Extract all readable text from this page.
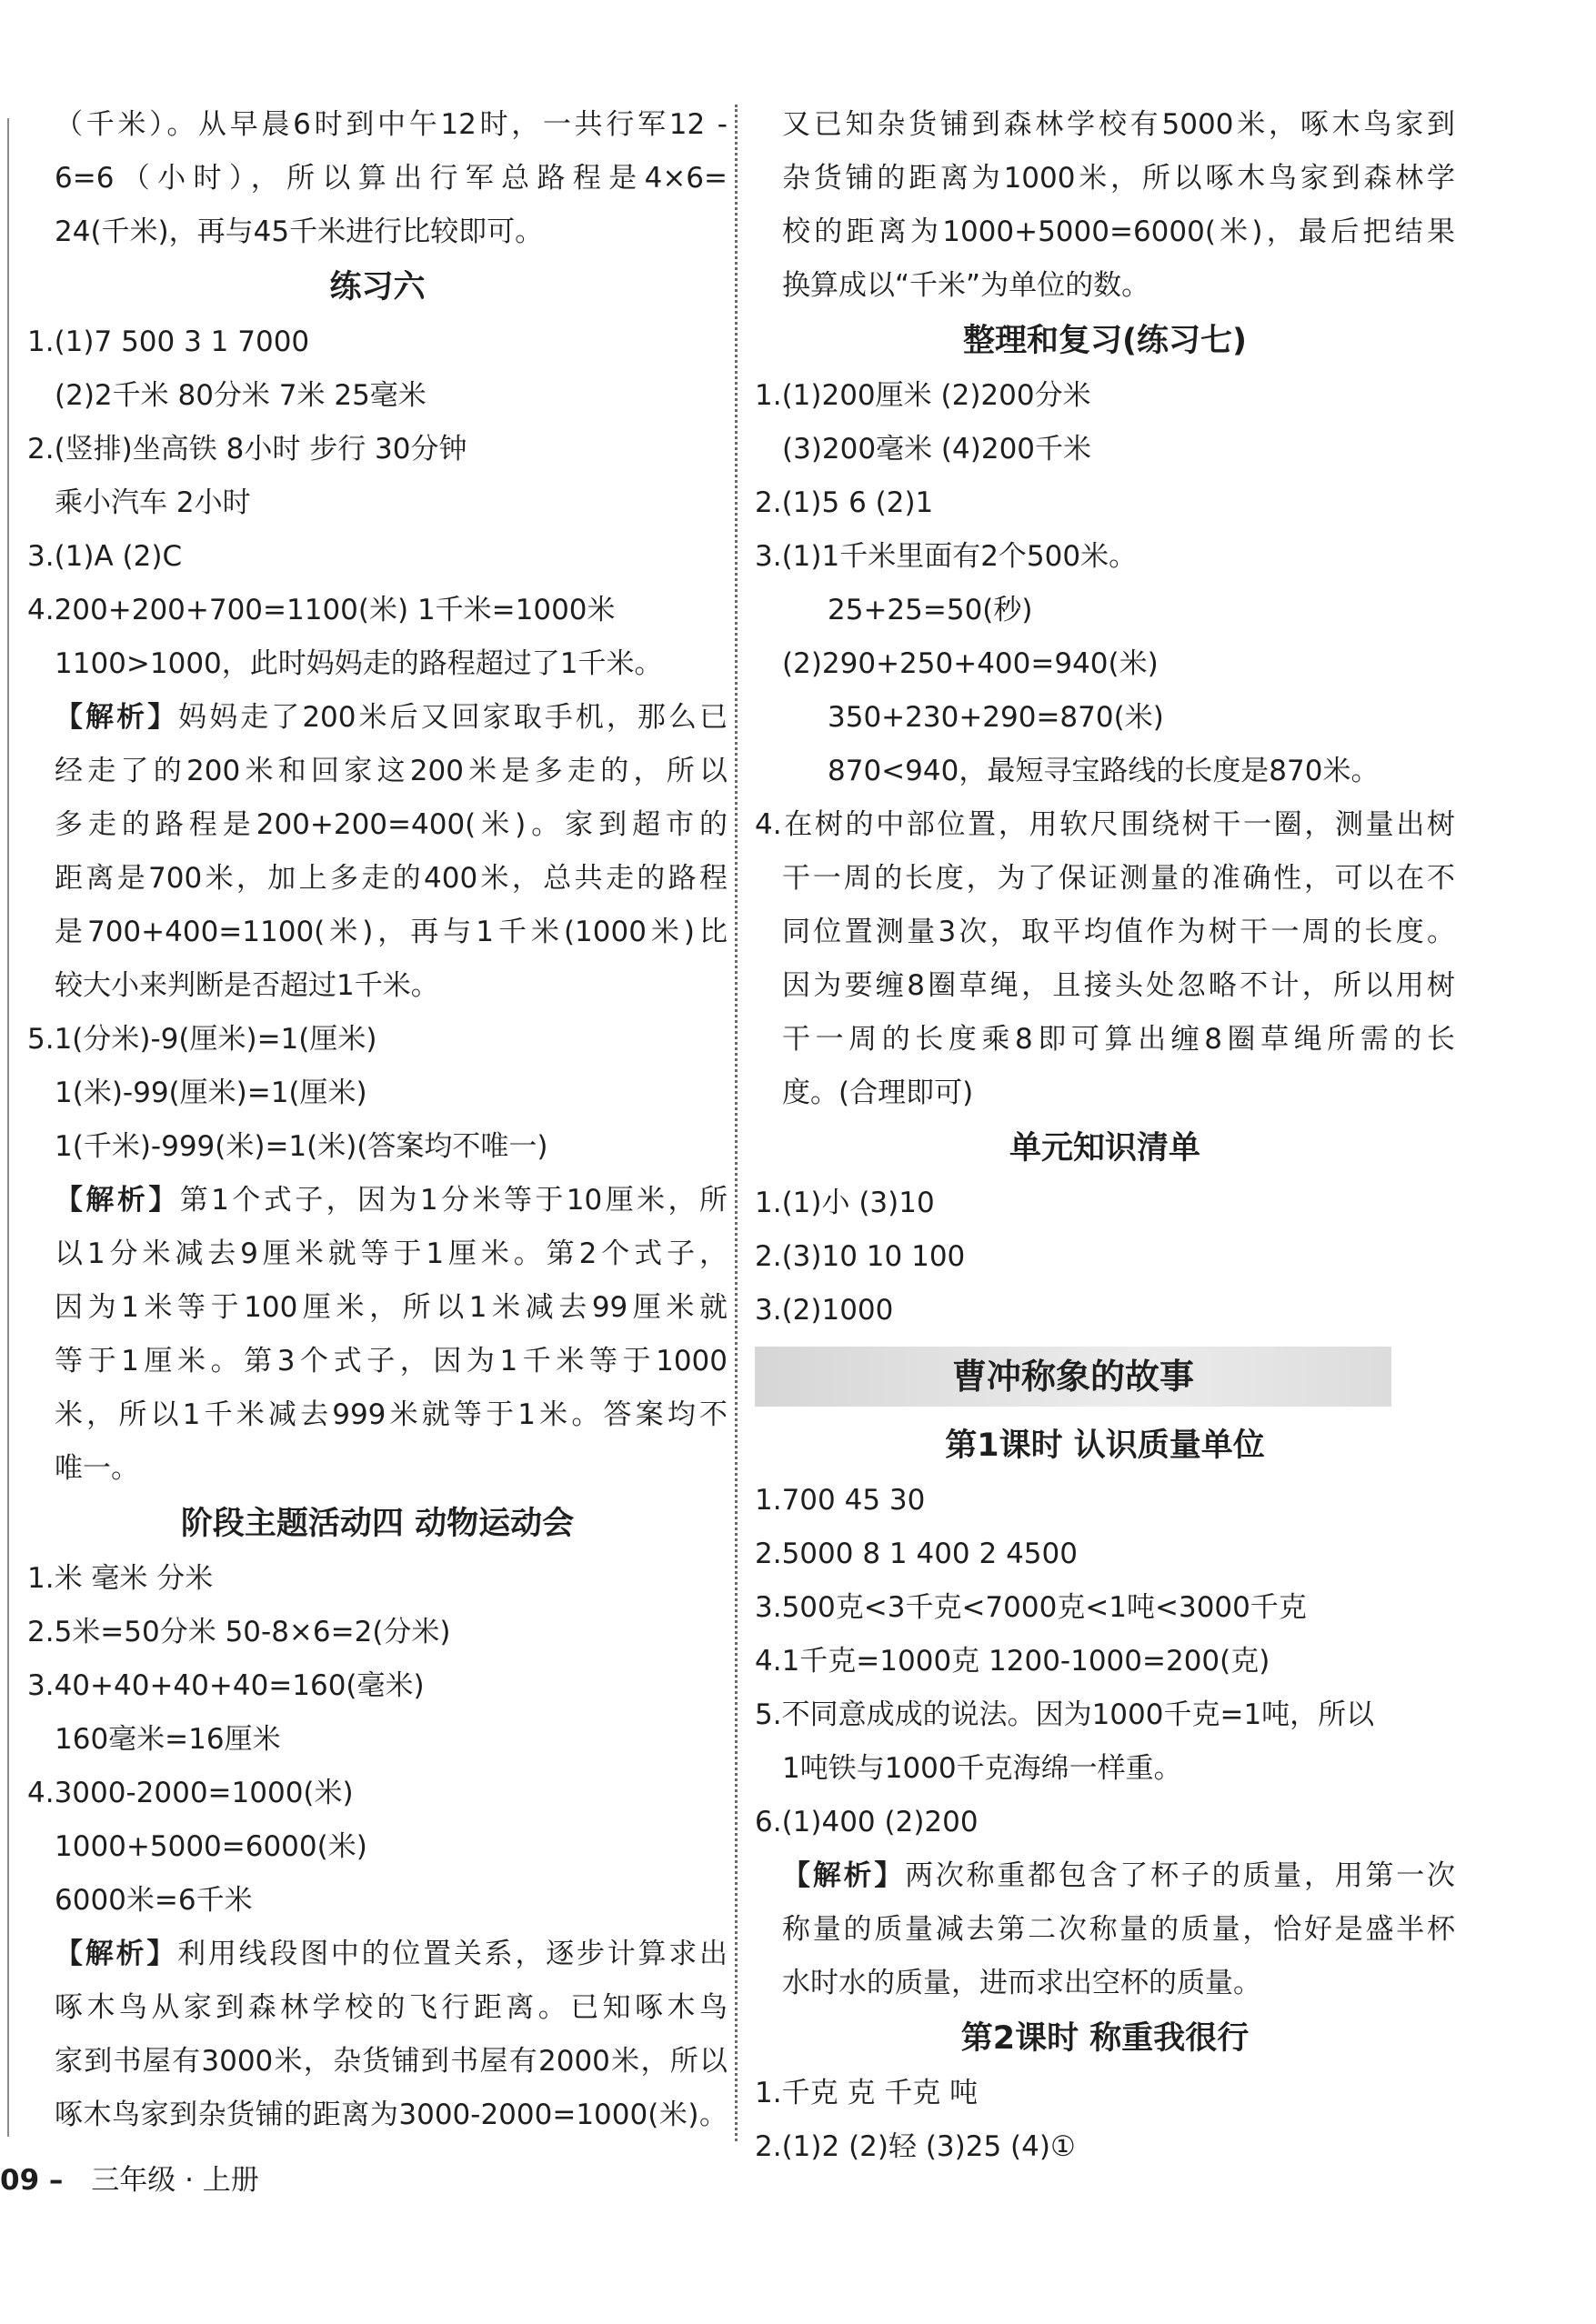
（千米）。从早晨6时到中午12时，一共行军12 -
6=6（小时），所以算出行军总路程是4×6=
24(千米)，再与45千米进行比较即可。
练习六
1.(1)7 500 3 1 7000
(2)2千米 80分米 7米 25毫米
2.(竖排)坐高铁 8小时 步行 30分钟
乘小汽车 2小时
3.(1)A (2)C
4.200+200+700=1100(米) 1千米=1000米
1100>1000，此时妈妈走的路程超过了1千米。
【解析】妈妈走了200米后又回家取手机，那么已
经走了的200米和回家这200米是多走的，所以
多走的路程是200+200=400(米)。家到超市的
距离是700米，加上多走的400米，总共走的路程
是700+400=1100(米)，再与1千米(1000米)比
较大小来判断是否超过1千米。
5.1(分米)-9(厘米)=1(厘米)
1(米)-99(厘米)=1(厘米)
1(千米)-999(米)=1(米)(答案均不唯一)
【解析】第1个式子，因为1分米等于10厘米，所
以1分米减去9厘米就等于1厘米。第2个式子，
因为1米等于100厘米，所以1米减去99厘米就
等于1厘米。第3个式子，因为1千米等于1000
米，所以1千米减去999米就等于1米。答案均不
唯一。
阶段主题活动四 动物运动会
1.米 毫米 分米
2.5米=50分米 50-8×6=2(分米)
3.40+40+40+40=160(毫米)
160毫米=16厘米
4.3000-2000=1000(米)
1000+5000=6000(米)
6000米=6千米
【解析】利用线段图中的位置关系，逐步计算求出
啄木鸟从家到森林学校的飞行距离。已知啄木鸟
家到书屋有3000米，杂货铺到书屋有2000米，所以
啄木鸟家到杂货铺的距离为3000-2000=1000(米)。
又已知杂货铺到森林学校有5000米，啄木鸟家到
杂货铺的距离为1000米，所以啄木鸟家到森林学
校的距离为1000+5000=6000(米)，最后把结果
换算成以“千米”为单位的数。
整理和复习(练习七)
1.(1)200厘米 (2)200分米
(3)200毫米 (4)200千米
2.(1)5 6 (2)1
3.(1)1千米里面有2个500米。
25+25=50(秒)
(2)290+250+400=940(米)
350+230+290=870(米)
870<940，最短寻宝路线的长度是870米。
4.在树的中部位置，用软尺围绕树干一圈，测量出树
干一周的长度，为了保证测量的准确性，可以在不
同位置测量3次，取平均值作为树干一周的长度。
因为要缠8圈草绳，且接头处忽略不计，所以用树
干一周的长度乘8即可算出缠8圈草绳所需的长
度。(合理即可)
单元知识清单
1.(1)小 (3)10
2.(3)10 10 100
3.(2)1000
曹冲称象的故事
第1课时 认识质量单位
1.700 45 30
2.5000 8 1 400 2 4500
3.500克<3千克<7000克<1吨<3000千克
4.1千克=1000克 1200-1000=200(克)
5.不同意成成的说法。因为1000千克=1吨，所以
1吨铁与1000千克海绵一样重。
6.(1)400 (2)200
【解析】两次称重都包含了杯子的质量，用第一次
称量的质量减去第二次称量的质量，恰好是盛半杯
水时水的质量，进而求出空杯的质量。
第2课时 称重我很行
1.千克 克 千克 吨
2.(1)2 (2)轻 (3)25 (4)①
09 – 三年级 · 上册
